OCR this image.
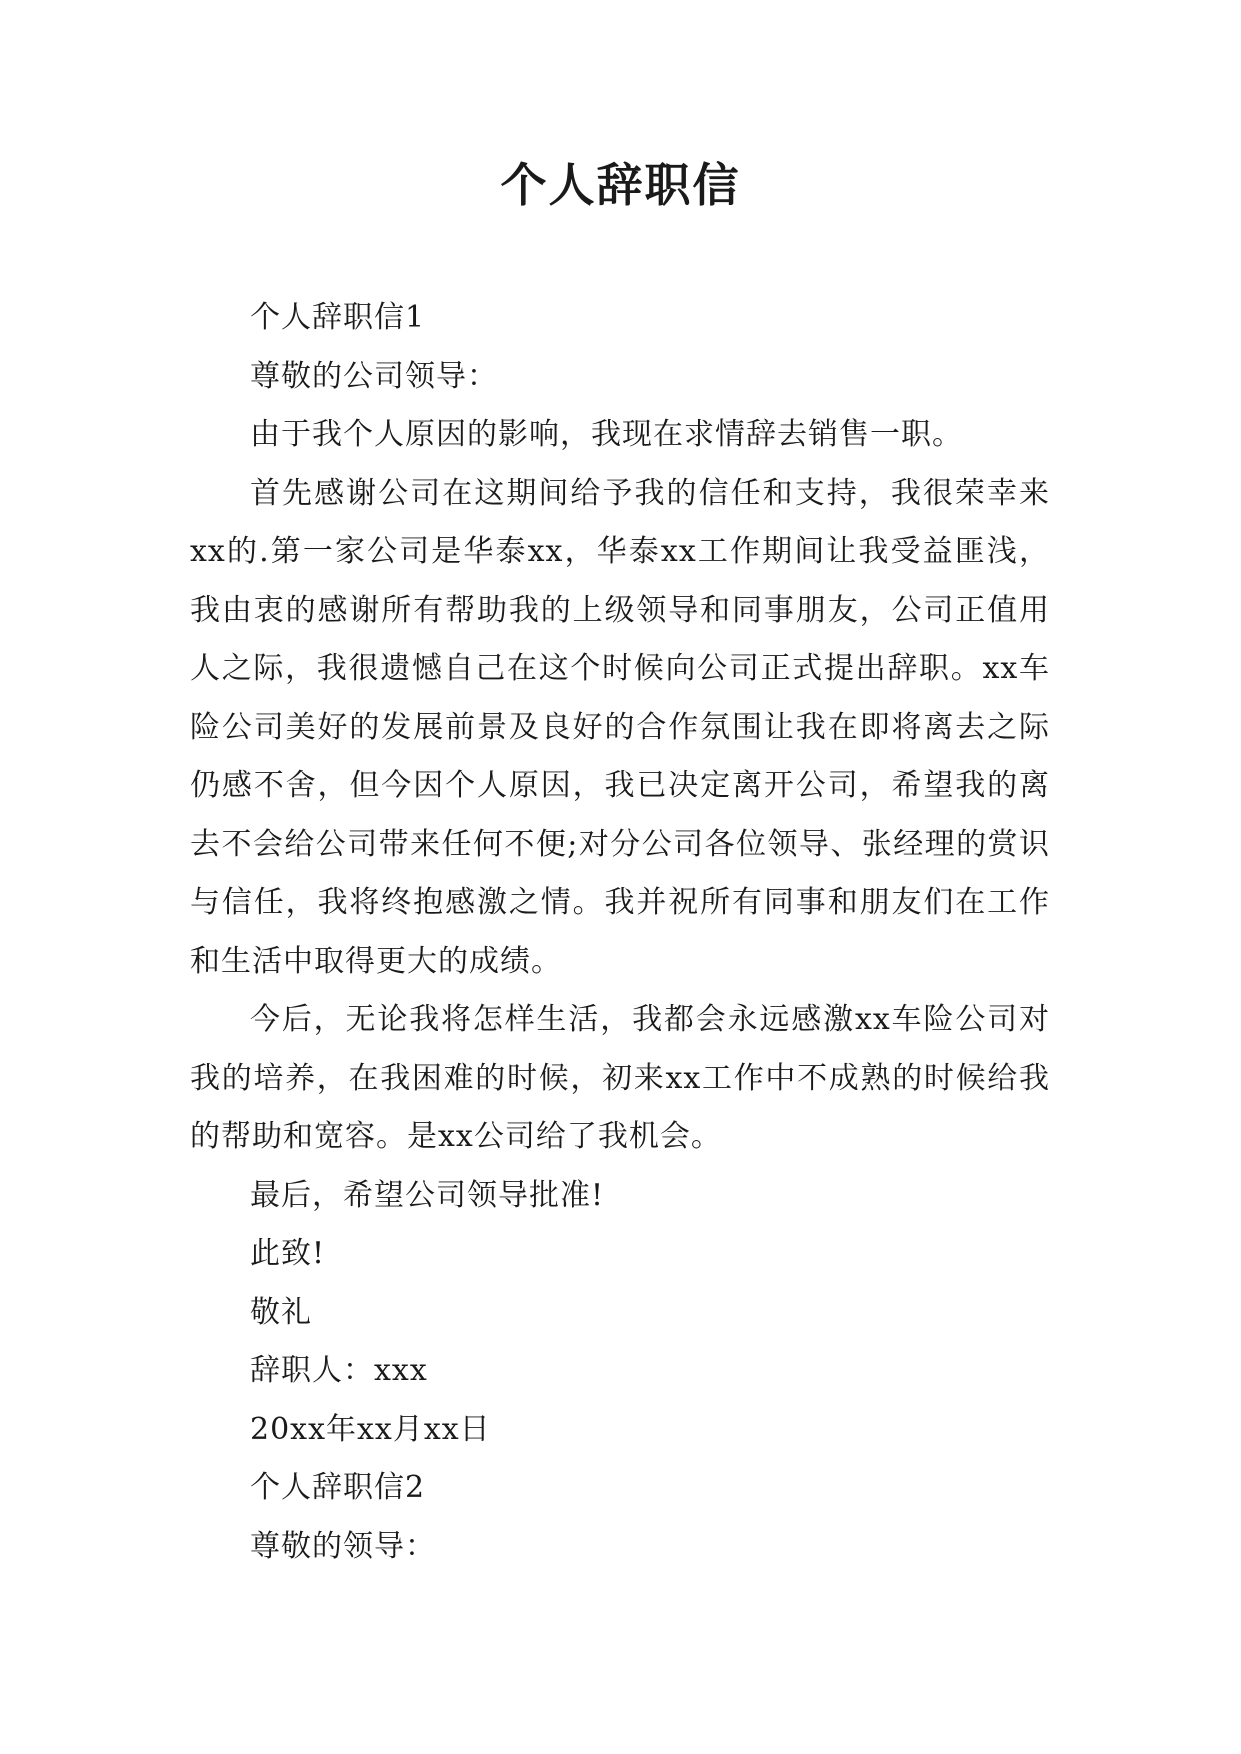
个人辞职信

个人辞职信1

尊敬的公司领导：

由于我个人原因的影响，我现在求情辞去销售一职。

首先感谢公司在这期间给予我的信任和支持，我很荣幸来xx的.第一家公司是华泰xx，华泰xx工作期间让我受益匪浅，我由衷的感谢所有帮助我的上级领导和同事朋友，公司正值用人之际，我很遗憾自己在这个时候向公司正式提出辞职。xx车险公司美好的发展前景及良好的合作氛围让我在即将离去之际仍感不舍，但今因个人原因，我已决定离开公司，希望我的离去不会给公司带来任何不便;对分公司各位领导、张经理的赏识与信任，我将终抱感激之情。我并祝所有同事和朋友们在工作和生活中取得更大的成绩。

今后，无论我将怎样生活，我都会永远感激xx车险公司对我的培养，在我困难的时候，初来xx工作中不成熟的时候给我的帮助和宽容。是xx公司给了我机会。

最后，希望公司领导批准!

此致!

敬礼

辞职人：xxx

20xx年xx月xx日

个人辞职信2

尊敬的领导：
